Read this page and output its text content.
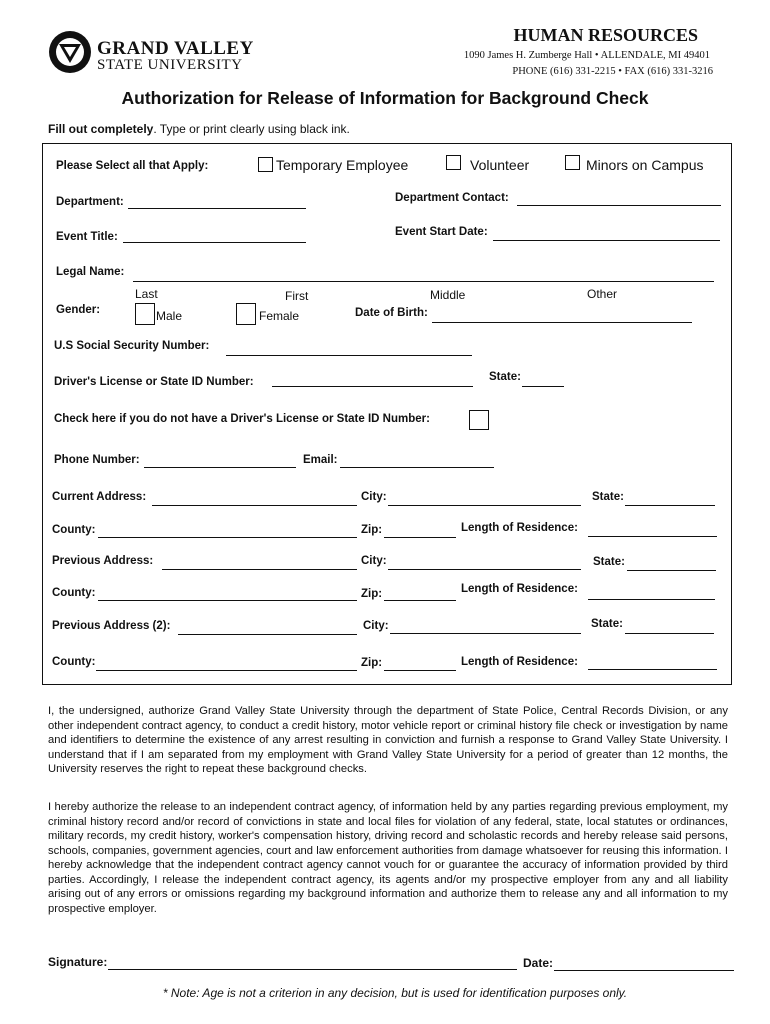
GRAND VALLEY
STATE UNIVERSITY
HUMAN RESOURCES
1090 James H. Zumberge Hall • ALLENDALE, MI 49401
PHONE (616) 331-2215 • FAX (616) 331-3216
Authorization for Release of Information for Background Check
Fill out completely. Type or print clearly using black ink.
Please Select all that Apply:	Temporary Employee	Volunteer	Minors on Campus
Department:	Department Contact:
Event Title:	Event Start Date:
Legal Name:
Last	First	Middle	Other
Gender:	Male	Female	Date of Birth:
U.S Social Security Number:
Driver's License or State ID Number:	State:
Check here if you do not have a Driver's License or State ID Number:
Phone Number:	Email:
Current Address:	City:	State:
County:	Zip:	Length of Residence:
Previous Address:	City:	State:
County:	Zip:	Length of Residence:
Previous Address (2):	City:	State:
County:	Zip:	Length of Residence:
I, the undersigned, authorize Grand Valley State University through the department of State Police, Central Records Division, or any other independent contract agency, to conduct a credit history, motor vehicle report or criminal history file check or investigation by name and identifiers to determine the existence of any arrest resulting in conviction and furnish a response to Grand Valley State University. I understand that if I am separated from my employment with Grand Valley State University for a period of greater than 12 months, the University reserves the right to repeat these background checks.
I hereby authorize the release to an independent contract agency, of information held by any parties regarding previous employment, my criminal history record and/or record of convictions in state and local files for violation of any federal, state, local statutes or ordinances, military records, my credit history, worker's compensation history, driving record and scholastic records and hereby release said persons, schools, companies, government agencies, court and law enforcement authorities from damage whatsoever for reusing this information. I hereby acknowledge that the independent contract agency cannot vouch for or guarantee the accuracy of information provided by third parties. Accordingly, I release the independent contract agency, its agents and/or my prospective employer from any and all liability arising out of any errors or omissions regarding my background information and authorize them to release any and all information to my prospective employer.
Signature:	Date:
* Note: Age is not a criterion in any decision, but is used for identification purposes only.
